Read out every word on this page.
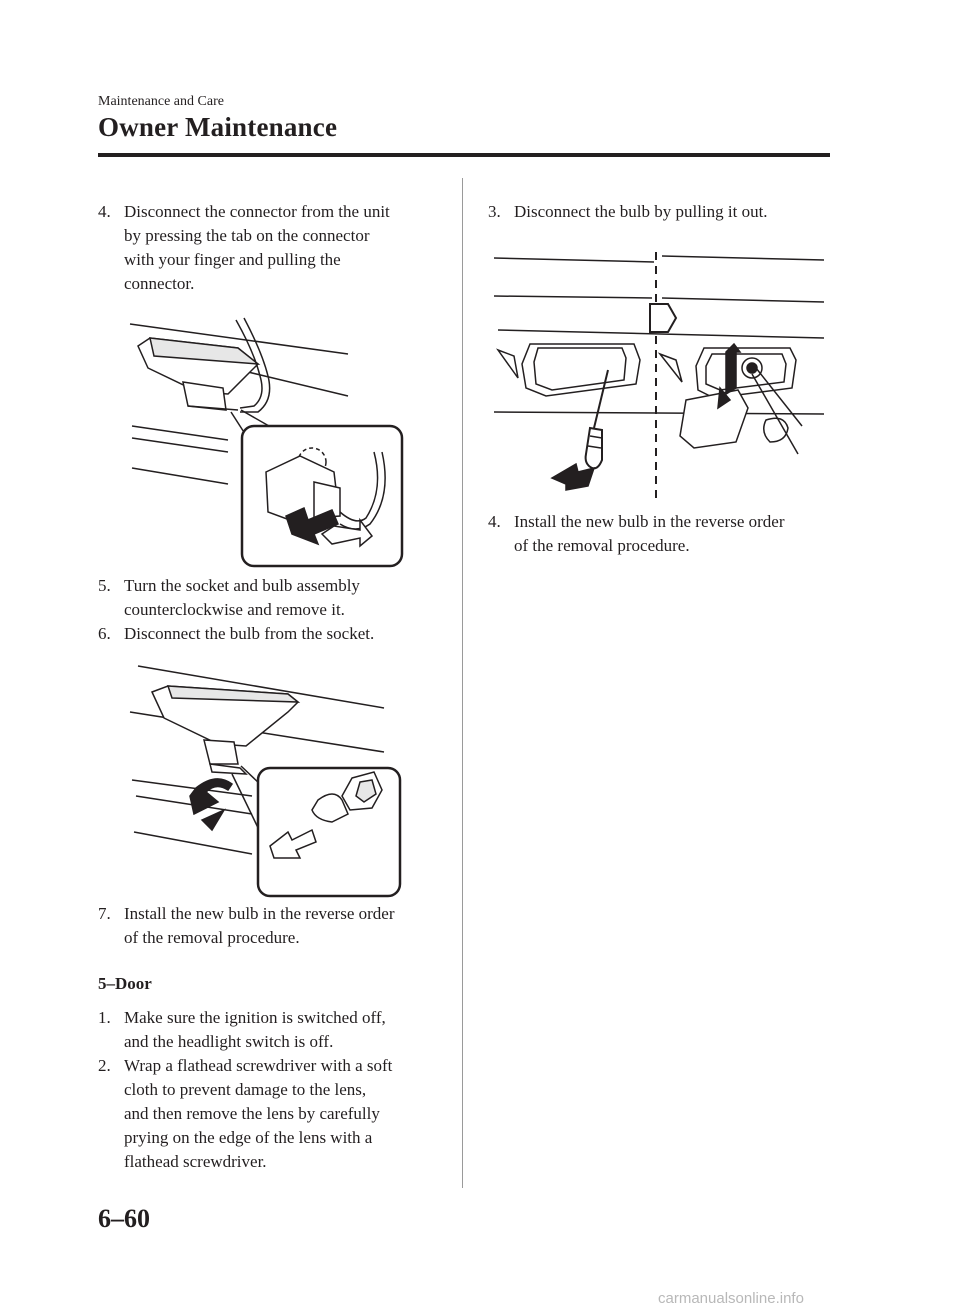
Maintenance and Care
Owner Maintenance
4. Disconnect the connector from the unit
by pressing the tab on the connector
with your finger and pulling the
connector.
5. Turn the socket and bulb assembly
counterclockwise and remove it.
6. Disconnect the bulb from the socket.
7. Install the new bulb in the reverse order
of the removal procedure.
5–Door
1. Make sure the ignition is switched off,
and the headlight switch is off.
2. Wrap a flathead screwdriver with a soft
cloth to prevent damage to the lens,
and then remove the lens by carefully
prying on the edge of the lens with a
flathead screwdriver.
3. Disconnect the bulb by pulling it out.
4. Install the new bulb in the reverse order
of the removal procedure.
6–60
carmanualsonline.info
